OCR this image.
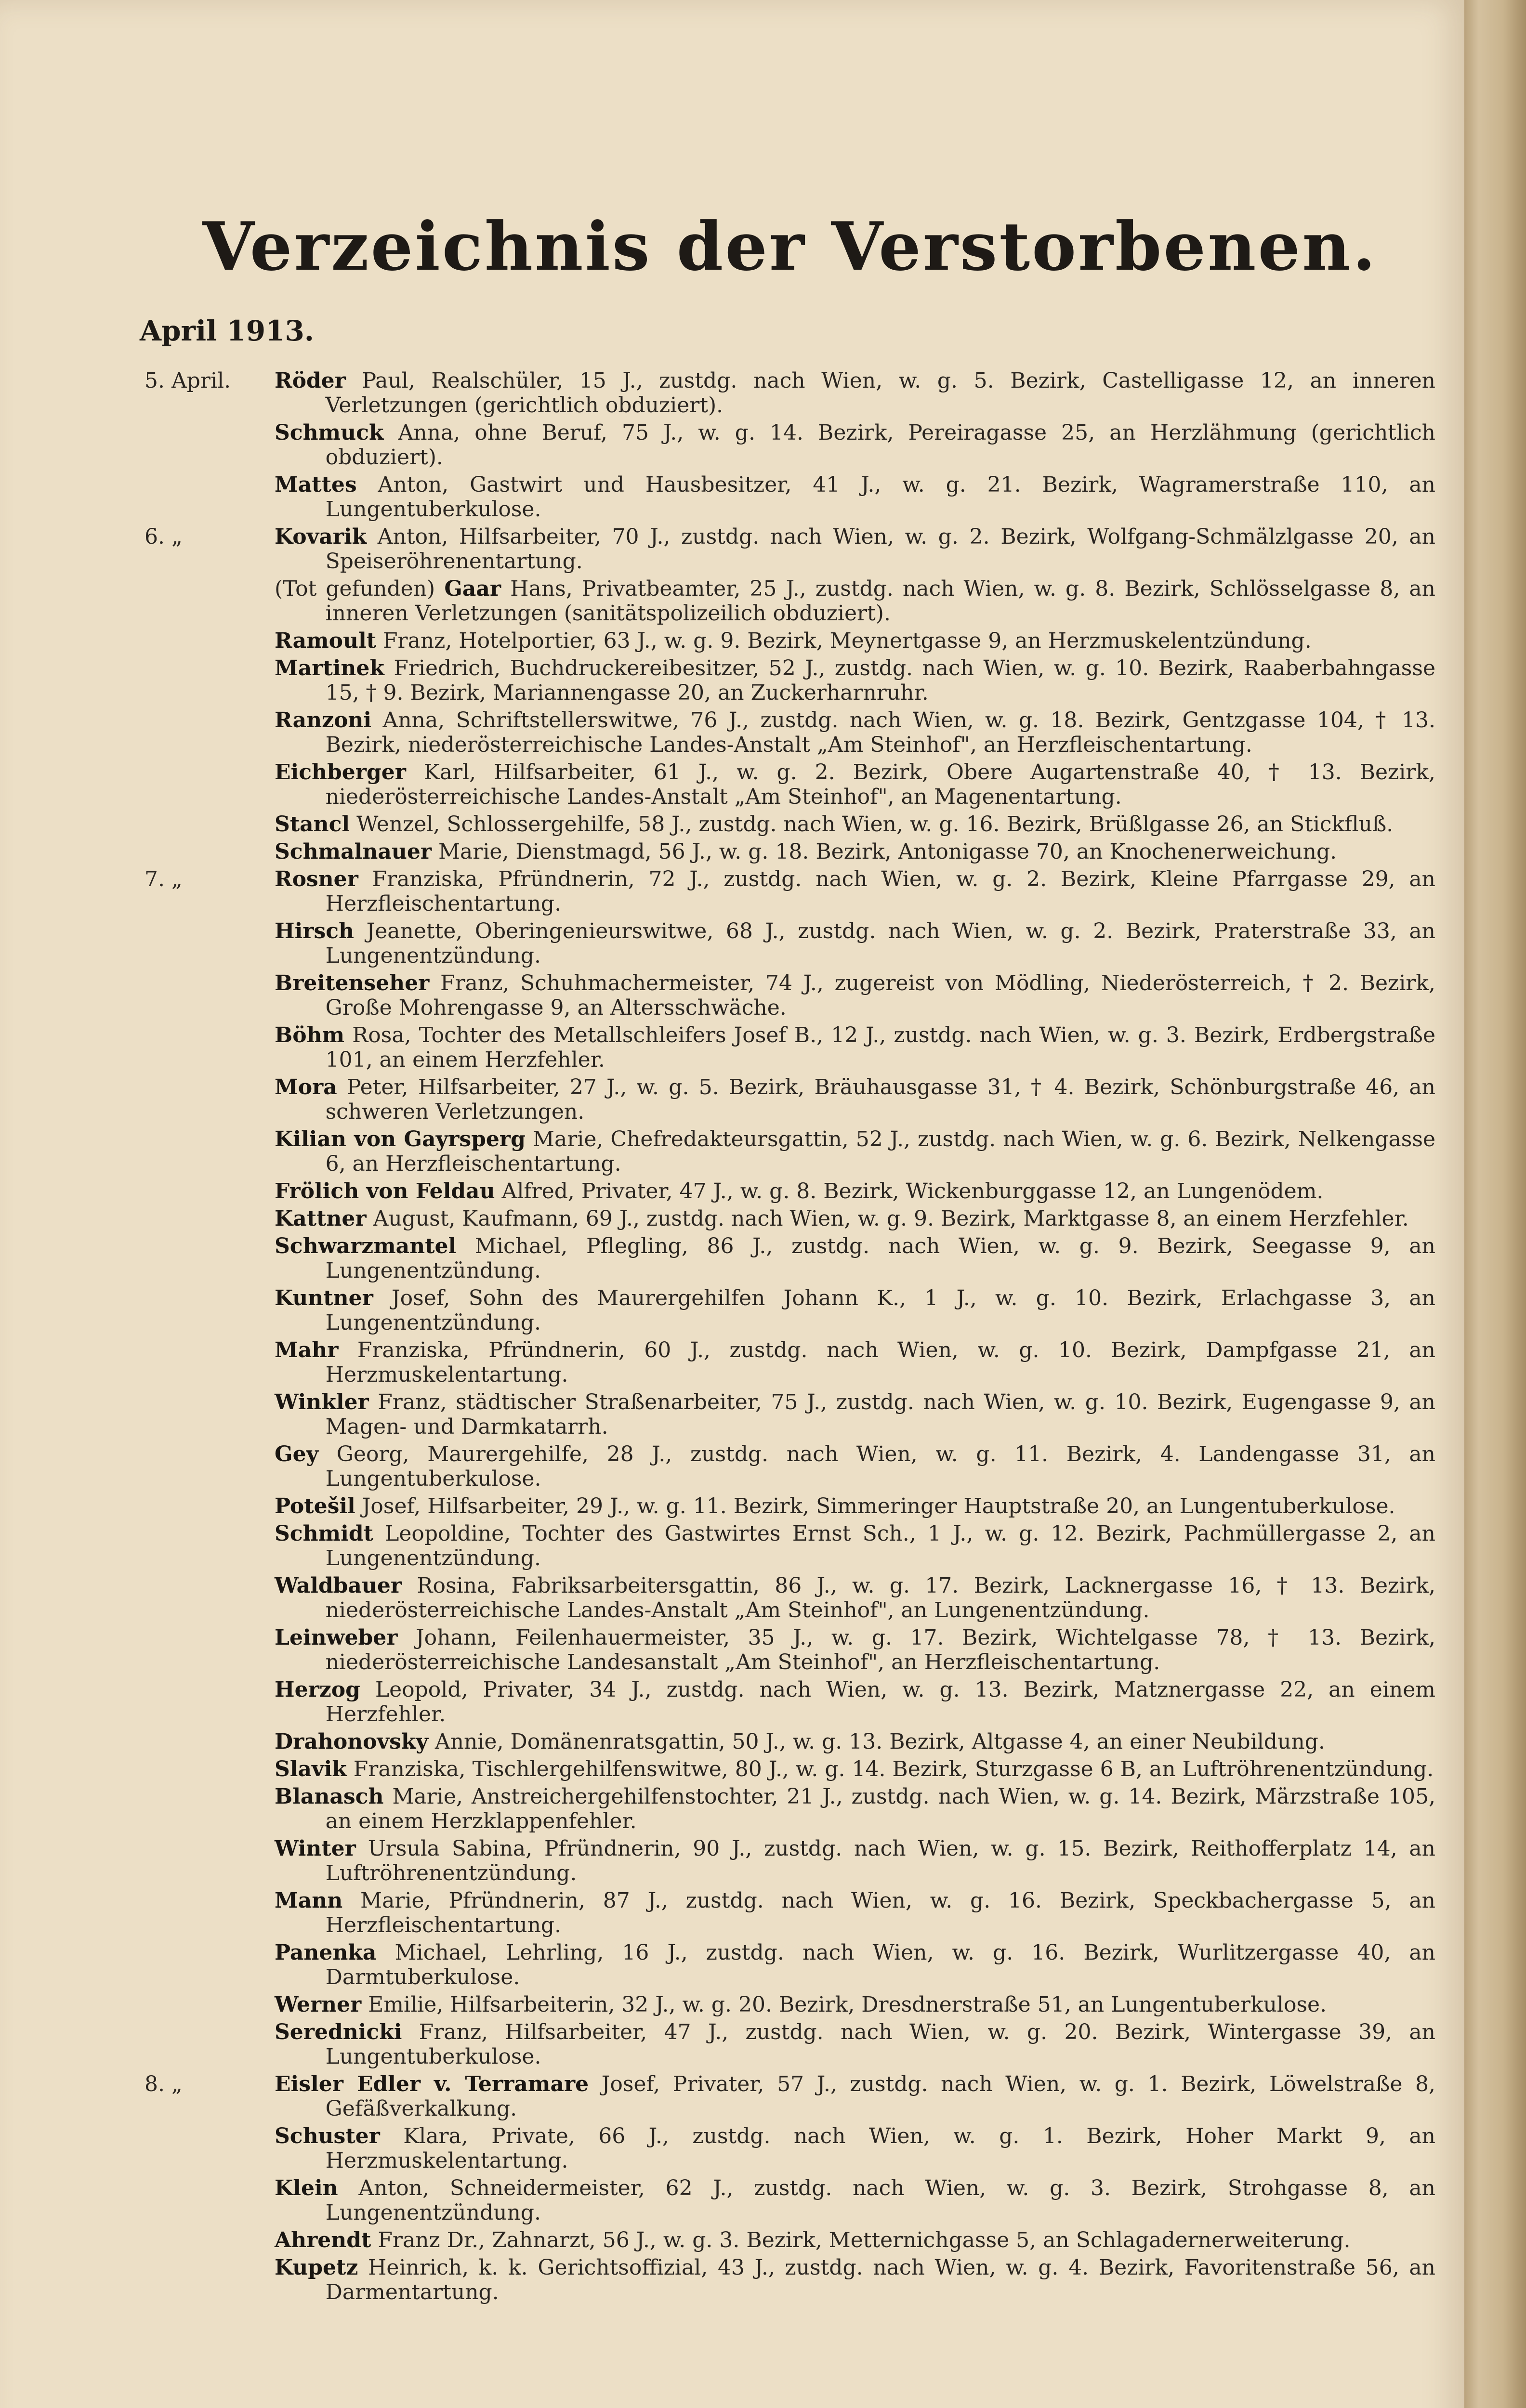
Verzeichnis der Verstorbenen.
April 1913.
5. April.	Röder Paul, Realschüler, 15 J., zustdg. nach Wien, w. g. 5. Bezirk, Castelligasse 12, an inneren Verletzungen (gerichtlich obduziert).
Schmuck Anna, ohne Beruf, 75 J., w. g. 14. Bezirk, Pereiragasse 25, an Herzlähmung (gerichtlich obduziert).
Mattes Anton, Gastwirt und Hausbesitzer, 41 J., w. g. 21. Bezirk, Wagramerstraße 110, an Lungentuberkulose.
6. „	Kovarik Anton, Hilfsarbeiter, 70 J., zustdg. nach Wien, w. g. 2. Bezirk, Wolfgang-Schmälzlgasse 20, an Speiseröhrenentartung.
(Tot gefunden) Gaar Hans, Privatbeamter, 25 J., zustdg. nach Wien, w. g. 8. Bezirk, Schlösselgasse 8, an inneren Verletzungen (sanitätspolizeilich obduziert).
Ramoult Franz, Hotelportier, 63 J., w. g. 9. Bezirk, Meynertgasse 9, an Herzmuskelentzündung.
Martinek Friedrich, Buchdruckereibesitzer, 52 J., zustdg. nach Wien, w. g. 10. Bezirk, Raaberbahngasse 15, † 9. Bezirk, Mariannengasse 20, an Zuckerharnruhr.
Ranzoni Anna, Schriftstellerswitwe, 76 J., zustdg. nach Wien, w. g. 18. Bezirk, Gentzgasse 104, † 13. Bezirk, niederösterreichische Landes-Anstalt „Am Steinhof", an Herzfleischentartung.
Eichberger Karl, Hilfsarbeiter, 61 J., w. g. 2. Bezirk, Obere Augartenstraße 40, † 13. Bezirk, niederösterreichische Landes-Anstalt „Am Steinhof", an Magenentartung.
Stancl Wenzel, Schlossergehilfe, 58 J., zustdg. nach Wien, w. g. 16. Bezirk, Brüßlgasse 26, an Stickfluß.
Schmalnauer Marie, Dienstmagd, 56 J., w. g. 18. Bezirk, Antonigasse 70, an Knochenerweichung.
7. „	Rosner Franziska, Pfründnerin, 72 J., zustdg. nach Wien, w. g. 2. Bezirk, Kleine Pfarrgasse 29, an Herzfleischentartung.
Hirsch Jeanette, Oberingenieurswitwe, 68 J., zustdg. nach Wien, w. g. 2. Bezirk, Praterstraße 33, an Lungenentzündung.
Breitenseher Franz, Schuhmachermeister, 74 J., zugereist von Mödling, Niederösterreich, † 2. Bezirk, Große Mohrengasse 9, an Altersschwäche.
Böhm Rosa, Tochter des Metallschleifers Josef B., 12 J., zustdg. nach Wien, w. g. 3. Bezirk, Erdbergstraße 101, an einem Herzfehler.
Mora Peter, Hilfsarbeiter, 27 J., w. g. 5. Bezirk, Bräuhausgasse 31, † 4. Bezirk, Schönburgstraße 46, an schweren Verletzungen.
Kilian von Gayrsperg Marie, Chefredakteursgattin, 52 J., zustdg. nach Wien, w. g. 6. Bezirk, Nelkengasse 6, an Herzfleischentartung.
Frölich von Feldau Alfred, Privater, 47 J., w. g. 8. Bezirk, Wickenburggasse 12, an Lungenödem.
Kattner August, Kaufmann, 69 J., zustdg. nach Wien, w. g. 9. Bezirk, Marktgasse 8, an einem Herzfehler.
Schwarzmantel Michael, Pflegling, 86 J., zustdg. nach Wien, w. g. 9. Bezirk, Seegasse 9, an Lungenentzündung.
Kuntner Josef, Sohn des Maurergehilfen Johann K., 1 J., w. g. 10. Bezirk, Erlachgasse 3, an Lungenentzündung.
Mahr Franziska, Pfründnerin, 60 J., zustdg. nach Wien, w. g. 10. Bezirk, Dampfgasse 21, an Herzmuskelentartung.
Winkler Franz, städtischer Straßenarbeiter, 75 J., zustdg. nach Wien, w. g. 10. Bezirk, Eugengasse 9, an Magen- und Darmkatarrh.
Gey Georg, Maurergehilfe, 28 J., zustdg. nach Wien, w. g. 11. Bezirk, 4. Landengasse 31, an Lungentuberkulose.
Potešil Josef, Hilfsarbeiter, 29 J., w. g. 11. Bezirk, Simmeringer Hauptstraße 20, an Lungentuberkulose.
Schmidt Leopoldine, Tochter des Gastwirtes Ernst Sch., 1 J., w. g. 12. Bezirk, Pachmüllergasse 2, an Lungenentzündung.
Waldbauer Rosina, Fabriksarbeitersgattin, 86 J., w. g. 17. Bezirk, Lacknergasse 16, † 13. Bezirk, niederösterreichische Landes-Anstalt „Am Steinhof", an Lungenentzündung.
Leinweber Johann, Feilenhauermeister, 35 J., w. g. 17. Bezirk, Wichtelgasse 78, † 13. Bezirk, niederösterreichische Landesanstalt „Am Steinhof", an Herzfleischentartung.
Herzog Leopold, Privater, 34 J., zustdg. nach Wien, w. g. 13. Bezirk, Matznergasse 22, an einem Herzfehler.
Drahonovsky Annie, Domänenratsgattin, 50 J., w. g. 13. Bezirk, Altgasse 4, an einer Neubildung.
Slavik Franziska, Tischlergehilfenswitwe, 80 J., w. g. 14. Bezirk, Sturzgasse 6 B, an Luftröhrenentzündung.
Blanasch Marie, Anstreichergehilfenstochter, 21 J., zustdg. nach Wien, w. g. 14. Bezirk, Märzstraße 105, an einem Herzklappenfehler.
Winter Ursula Sabina, Pfründnerin, 90 J., zustdg. nach Wien, w. g. 15. Bezirk, Reithofferplatz 14, an Luftröhrenentzündung.
Mann Marie, Pfründnerin, 87 J., zustdg. nach Wien, w. g. 16. Bezirk, Speckbachergasse 5, an Herzfleischentartung.
Panenka Michael, Lehrling, 16 J., zustdg. nach Wien, w. g. 16. Bezirk, Wurlitzergasse 40, an Darmtuberkulose.
Werner Emilie, Hilfsarbeiterin, 32 J., w. g. 20. Bezirk, Dresdnerstraße 51, an Lungentuberkulose.
Serednicki Franz, Hilfsarbeiter, 47 J., zustdg. nach Wien, w. g. 20. Bezirk, Wintergasse 39, an Lungentuberkulose.
8. „	Eisler Edler v. Terramare Josef, Privater, 57 J., zustdg. nach Wien, w. g. 1. Bezirk, Löwelstraße 8, Gefäßverkalkung.
Schuster Klara, Private, 66 J., zustdg. nach Wien, w. g. 1. Bezirk, Hoher Markt 9, an Herzmuskelentartung.
Klein Anton, Schneidermeister, 62 J., zustdg. nach Wien, w. g. 3. Bezirk, Strohgasse 8, an Lungenentzündung.
Ahrendt Franz Dr., Zahnarzt, 56 J., w. g. 3. Bezirk, Metternichgasse 5, an Schlagadernerweiterung.
Kupetz Heinrich, k. k. Gerichtsoffizial, 43 J., zustdg. nach Wien, w. g. 4. Bezirk, Favoritenstraße 56, an Darmentartung.
